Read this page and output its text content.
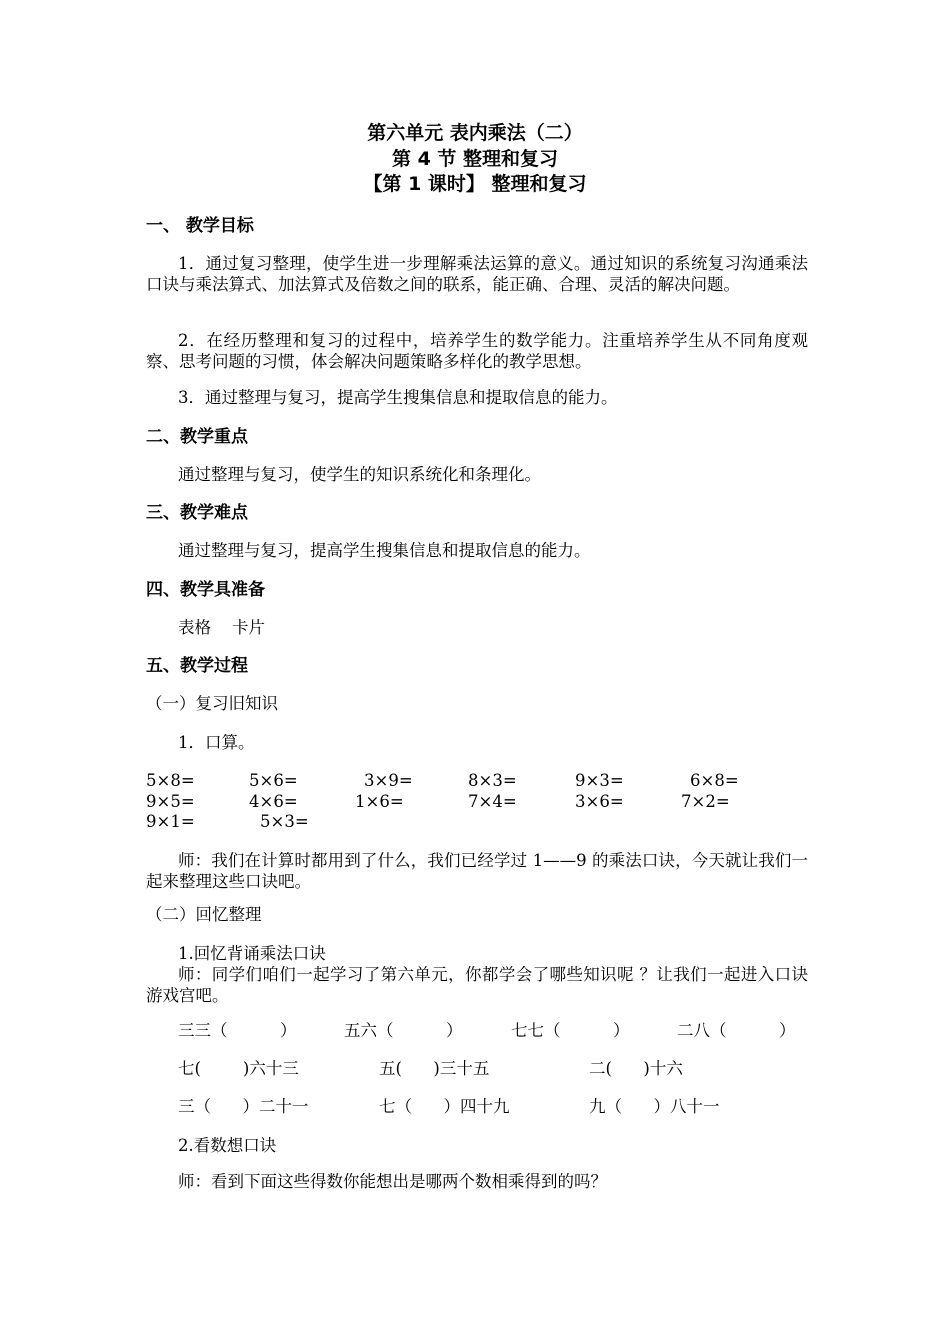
第六单元 表内乘法（二）
第 4 节 整理和复习
【第 1 课时】 整理和复习
一、 教学目标
1．通过复习整理，使学生进一步理解乘法运算的意义。通过知识的系统复习沟通乘法口诀与乘法算式、加法算式及倍数之间的联系，能正确、合理、灵活的解决问题。
2．在经历整理和复习的过程中，培养学生的数学能力。注重培养学生从不同角度观察、思考问题的习惯，体会解决问题策略多样化的教学思想。
3．通过整理与复习，提高学生搜集信息和提取信息的能力。
二、教学重点
通过整理与复习，使学生的知识系统化和条理化。
三、教学难点
通过整理与复习，提高学生搜集信息和提取信息的能力。
四、教学具准备
表格    卡片
五、教学过程
（一）复习旧知识
1．口算。
5×8=	5×6=	3×9=	8×3=	9×3=	6×8=
9×5=	4×6=	1×6=	7×4=	3×6=	7×2=
9×1=	5×3=
师：我们在计算时都用到了什么，我们已经学过 1——9 的乘法口诀，今天就让我们一起来整理这些口诀吧。
（二）回忆整理
1.回忆背诵乘法口诀
师：同学们咱们一起学习了第六单元，你都学会了哪些知识呢 ？让我们一起进入口诀游戏宫吧。
三三（          ）	五六（          ）	七七（          ）	二八（          ）
七(        )六十三	五(      )三十五	二(      )十六
三（      ）二十一	七（      ）四十九	九（      ）八十一
2.看数想口诀
师：看到下面这些得数你能想出是哪两个数相乘得到的吗？
